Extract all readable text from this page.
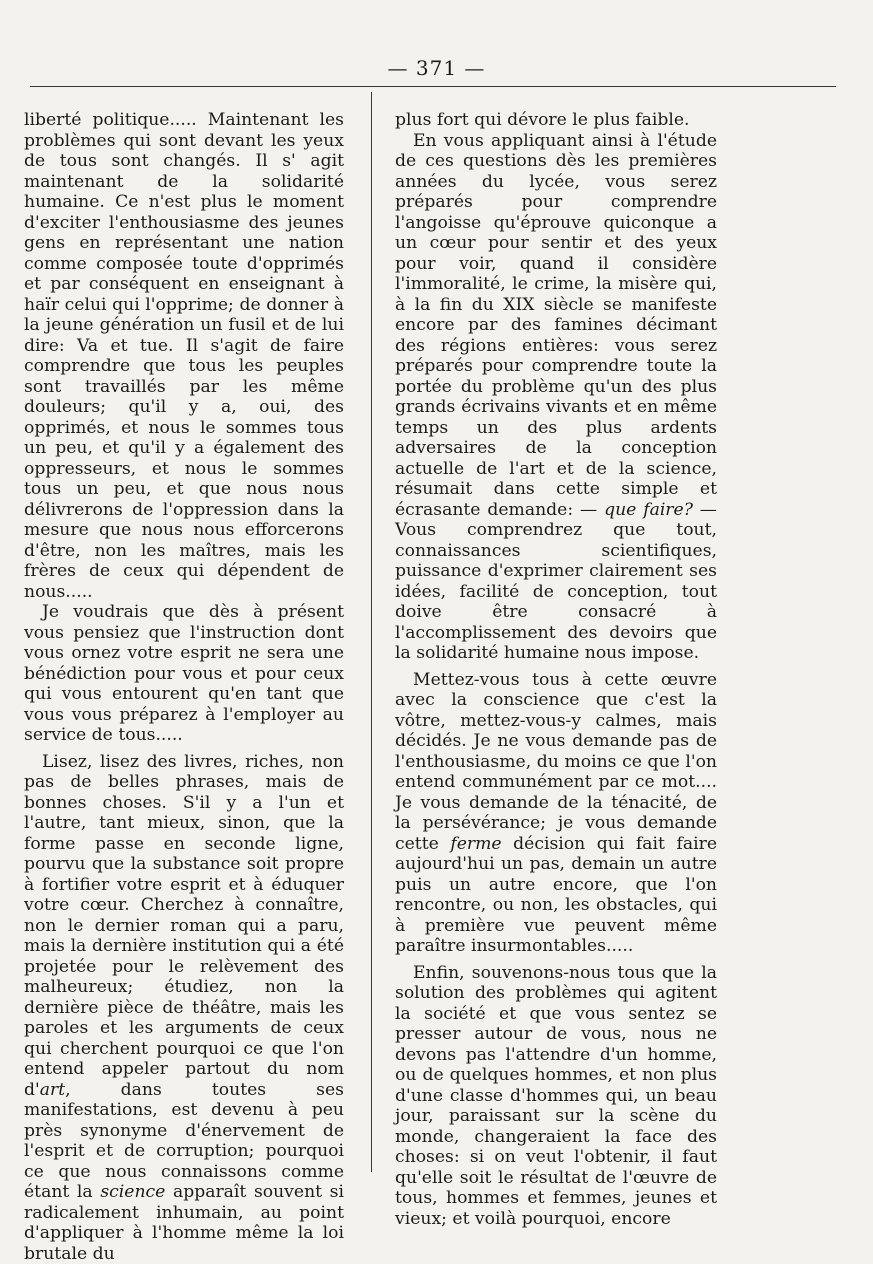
— 371 —

liberté politique..... Maintenant les problèmes qui sont devant les yeux de tous sont changés. Il s' agit maintenant de la solidarité humaine. Ce n'est plus le moment d'exciter l'enthousiasme des jeunes gens en représentant une nation comme composée toute d'opprimés et par conséquent en enseignant à haïr celui qui l'opprime; de donner à la jeune génération un fusil et de lui dire: Va et tue. Il s'agit de faire comprendre que tous les peuples sont travaillés par les même douleurs; qu'il y a, oui, des opprimés, et nous le sommes tous un peu, et qu'il y a également des oppresseurs, et nous le sommes tous un peu, et que nous nous délivrerons de l'oppression dans la mesure que nous nous efforcerons d'être, non les maîtres, mais les frères de ceux qui dépendent de nous.....

Je voudrais que dès à présent vous pensiez que l'instruction dont vous ornez votre esprit ne sera une bénédiction pour vous et pour ceux qui vous entourent qu'en tant que vous vous préparez à l'employer au service de tous.....

Lisez, lisez des livres, riches, non pas de belles phrases, mais de bonnes choses. S'il y a l'un et l'autre, tant mieux, sinon, que la forme passe en seconde ligne, pourvu que la substance soit propre à fortifier votre esprit et à éduquer votre cœur. Cherchez à connaître, non le dernier roman qui a paru, mais la dernière institution qui a été projetée pour le relèvement des malheureux; étudiez, non la dernière pièce de théâtre, mais les paroles et les arguments de ceux qui cherchent pourquoi ce que l'on entend appeler partout du nom d'art, dans toutes ses manifestations, est devenu à peu près synonyme d'énervement de l'esprit et de corruption; pourquoi ce que nous connaissons comme étant la science apparaît souvent si radicalement inhumain, au point d'appliquer à l'homme même la loi brutale du

plus fort qui dévore le plus faible.

En vous appliquant ainsi à l'étude de ces questions dès les premières années du lycée, vous serez préparés pour comprendre l'angoisse qu'éprouve quiconque a un cœur pour sentir et des yeux pour voir, quand il considère l'immoralité, le crime, la misère qui, à la fin du XIX siècle se manifeste encore par des famines décimant des régions entières: vous serez préparés pour comprendre toute la portée du problème qu'un des plus grands écrivains vivants et en même temps un des plus ardents adversaires de la conception actuelle de l'art et de la science, résumait dans cette simple et écrasante demande: — que faire? — Vous comprendrez que tout, connaissances scientifiques, puissance d'exprimer clairement ses idées, facilité de conception, tout doive être consacré à l'accomplissement des devoirs que la solidarité humaine nous impose.

Mettez-vous tous à cette œuvre avec la conscience que c'est la vôtre, mettez-vous-y calmes, mais décidés. Je ne vous demande pas de l'enthousiasme, du moins ce que l'on entend communément par ce mot.... Je vous demande de la ténacité, de la persévérance; je vous demande cette ferme décision qui fait faire aujourd'hui un pas, demain un autre puis un autre encore, que l'on rencontre, ou non, les obstacles, qui à première vue peuvent même paraître insurmontables.....

Enfin, souvenons-nous tous que la solution des problèmes qui agitent la société et que vous sentez se presser autour de vous, nous ne devons pas l'attendre d'un homme, ou de quelques hommes, et non plus d'une classe d'hommes qui, un beau jour, paraissant sur la scène du monde, changeraient la face des choses: si on veut l'obtenir, il faut qu'elle soit le résultat de l'œuvre de tous, hommes et femmes, jeunes et vieux; et voilà pourquoi, encore
